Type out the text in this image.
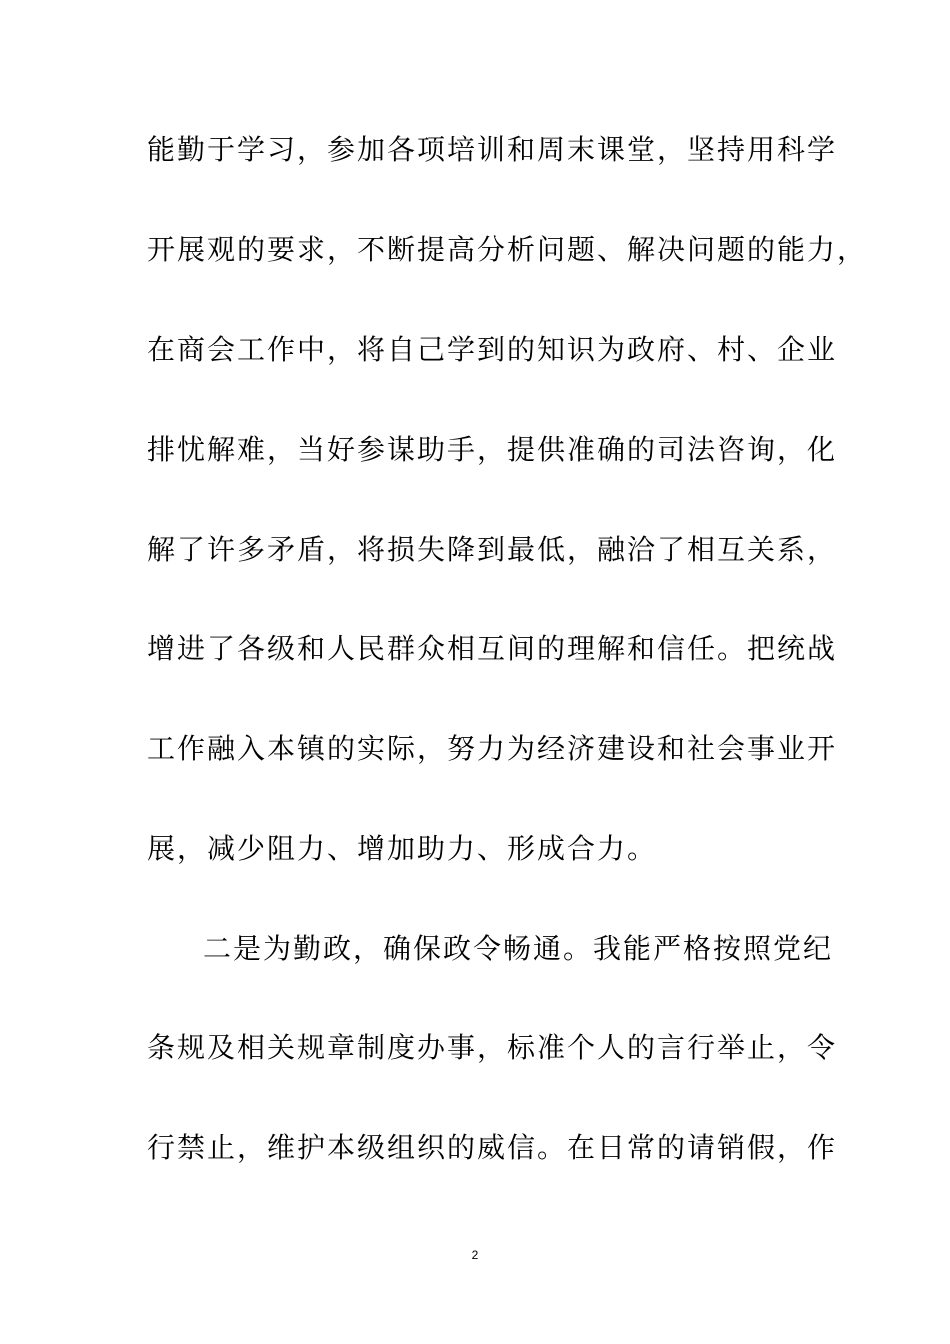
能勤于学习，参加各项培训和周末课堂，坚持用科学
开展观的要求，不断提高分析问题、解决问题的能力，
在商会工作中，将自己学到的知识为政府、村、企业
排忧解难，当好参谋助手，提供准确的司法咨询，化
解了许多矛盾，将损失降到最低，融洽了相互关系，
增进了各级和人民群众相互间的理解和信任。把统战
工作融入本镇的实际，努力为经济建设和社会事业开
展，减少阻力、增加助力、形成合力。
二是为勤政，确保政令畅通。我能严格按照党纪
条规及相关规章制度办事，标准个人的言行举止，令
行禁止，维护本级组织的威信。在日常的请销假，作
2
